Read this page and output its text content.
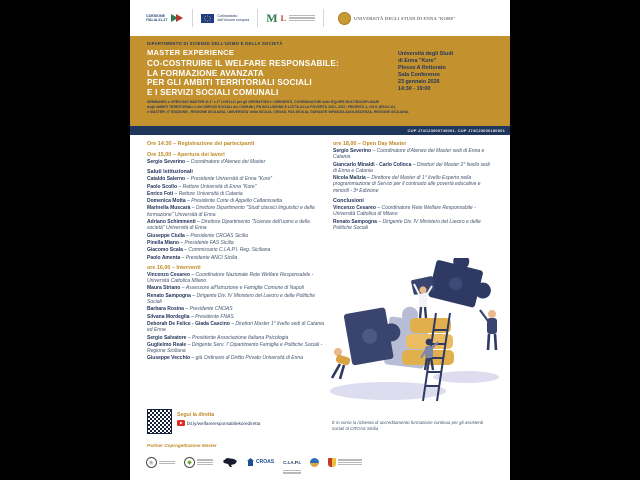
COESIONE
ITALIA 21-27
Cofinanziato
dall'Unione europea M L	UNIVERSITÀ DEGLI STUDI DI ENNA "KORE"
DIPARTIMENTO DI SCIENZE DELL'UOMO E DELLA SOCIETÀ
MASTER EXPERIENCE
CO-COSTRUIRE IL WELFARE RESPONSABILE:
LA FORMAZIONE AVANZATA
PER GLI AMBITI TERRITORIALI SOCIALI
E I SERVIZI SOCIALI COMUNALI
Università degli Studi
di Enna "Kore"
Plesso A Rettorato
Sala Conferenze
23 gennaio 2026
14:30 - 19:00
SEMINARIO e OPEN DAY MASTER di 1° e 2° LIVELLO per gli OPERATORI e i DIRIGENTI, COORDINATORI delle ÉQUIPE MULTIDISCIPLINARI
degli AMBITI TERRITORIALI e dei SERVIZI SOCIALI dei COMUNI | PN INCLUSIONE E LOTTA ALLA POVERTÀ 2021–2027, PRIORITÀ 1, OS K (ESO4.11)
e MASTER: 3° EDIZIONE - REGIONE SICILIANA, UNIVERSITA' della SICILIA, CROAS, FAS SICILIA, GARANTE INFANZIA ADOLESCENZA, REGIONE SICILIANA
CUP J74C23000740001- CUP J74C23000180001
Ore 14:30 – Registrazione dei partecipanti
Ore 15,00 – Apertura dei lavori
Sergio Severino – Coordinatore d'Ateneo dei Master
Saluti Istituzionali
Cataldo Salerno – Presidente Università di Enna "Kore"
Paolo Scollo – Rettore Università di Enna "Kore"
Enrico Foti – Rettore Università di Catania
Domenica Motta – Presidente Corte di Appello Caltanissetta
Marinella Muscarà – Direttore Dipartimento "Studi classici linguistici e della formazione" Università di Enna
Adriano Schimmenti – Direttore Dipartimento "Scienze dell'uomo e della società" Università di Enna
Giuseppe Ciulla – Presidente CROAS Sicilia
Pinella Miano – Presidente FAS Sicilia
Giacomo Scala – Commissario C.I.A.P.I. Reg. Siciliana
Paolo Amenta – Presidente ANCI Sicilia
ore 16,00 – Interventi
Vincenzo Cesareo – Coordinatore Nazionale Rete Welfare Responsabile - Università Cattolica Milano
Maura Striano – Assessore all'Istruzione e Famiglie Comune di Napoli
Renato Sampogna – Dirigente Div. IV Ministero del Lavoro e delle Politiche Sociali
Barbara Rosina – Presidente CNOAS
Silvana Mordeglia – Presidente FNAS
Deborah De Felice - Giada Cascino – Direttori Master 1° livello sedi di Catania ed Enna
Sergio Salvatore – Presidente Associazione Italiana Psicologia
Guglielmo Reale – Dirigente Serv. 7 Dipartimento Famiglia e Politiche Sociali - Regione Siciliana
Giuseppe Vecchio – già Ordinario di Diritto Privato Università di Enna
ore 18,00 – Open Day Master
Sergio Severino – Coordinatore d'Ateneo dei Master sedi di Enna e Catania
Giancarlo Minaldi - Carlo Colloca – Direttori dei Master 2° livello sedi di Enna e Catania
Nicola Malizia – Direttore del Master di 1° livello Esperto nella programmazione di Servizi per il contrasto alle povertà educative e minorili - 3ª Edizione
Conclusioni
Vincenzo Cesareo – Coordinatore Rete Welfare Responsabile - Università Cattolica di Milano
Renato Sampogna – Dirigente Div. IV Ministero del Lavoro e delle Politiche Sociali
Segui la diretta
bit.ly/welfareresponsabilekorediretta	È in corso la richiesta di accreditamento formazione continua per gli assistenti sociali al CROAS Sicilia
Partner Coprogettazione Master
🐘	🌳	CROAS C.I.A.P.I.
